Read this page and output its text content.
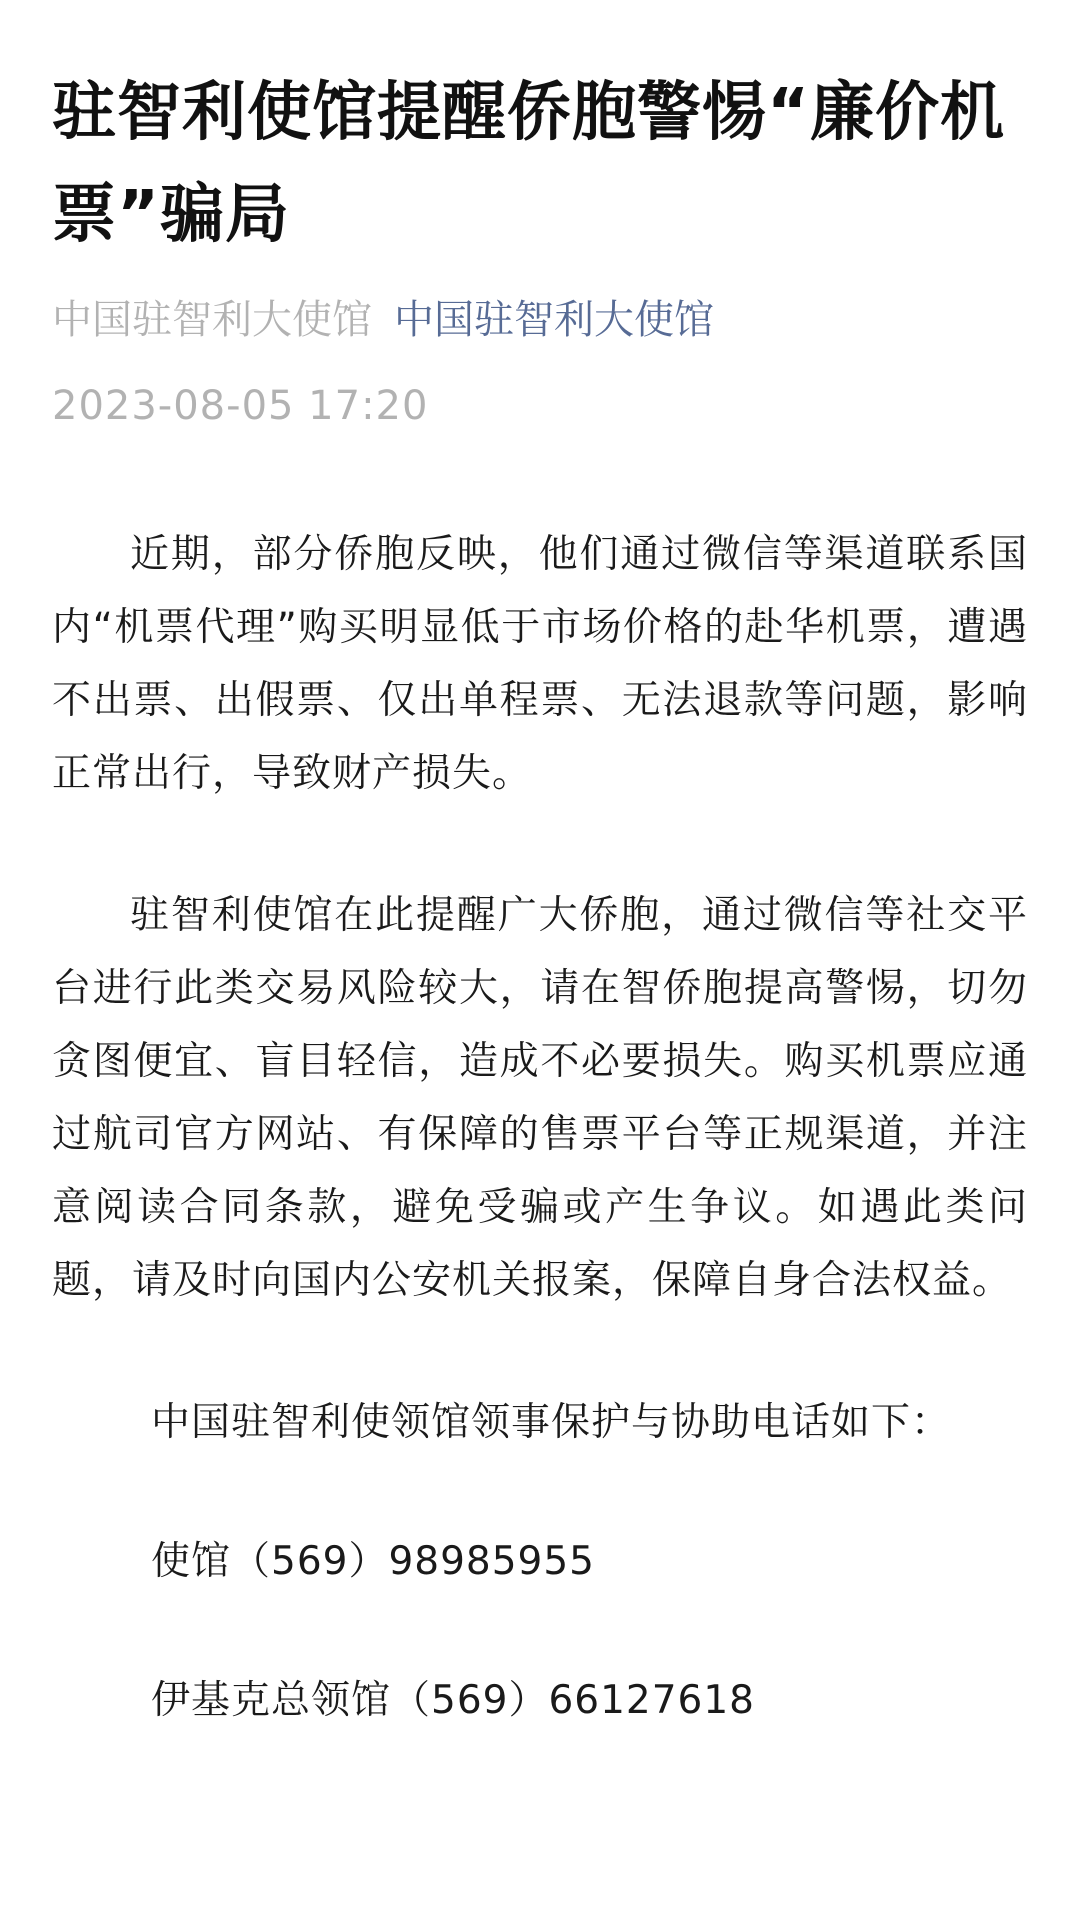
驻智利使馆提醒侨胞警惕“廉价机票”骗局
中国驻智利大使馆 中国驻智利大使馆
2023-08-05 17:20

近期，部分侨胞反映，他们通过微信等渠道联系国内“机票代理”购买明显低于市场价格的赴华机票，遭遇不出票、出假票、仅出单程票、无法退款等问题，影响正常出行，导致财产损失。

驻智利使馆在此提醒广大侨胞，通过微信等社交平台进行此类交易风险较大，请在智侨胞提高警惕，切勿贪图便宜、盲目轻信，造成不必要损失。购买机票应通过航司官方网站、有保障的售票平台等正规渠道，并注意阅读合同条款，避免受骗或产生争议。如遇此类问题，请及时向国内公安机关报案，保障自身合法权益。

中国驻智利使领馆领事保护与协助电话如下：

使馆（569）98985955

伊基克总领馆（569）66127618
